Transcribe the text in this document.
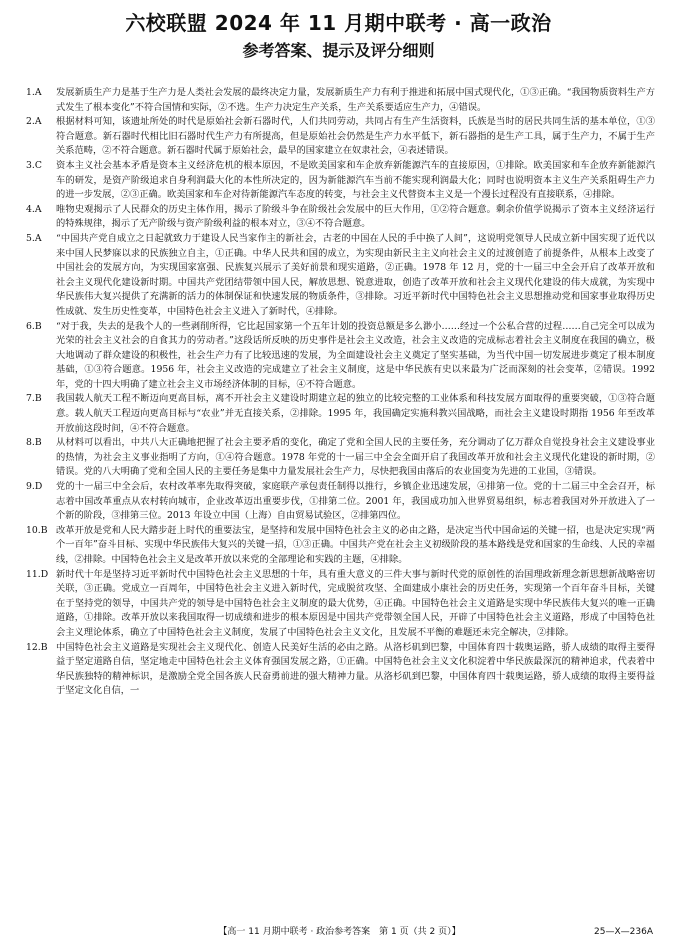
六校联盟 2024 年 11 月期中联考 · 高一政治
参考答案、提示及评分细则
1.A	发展新质生产力是基于生产力是人类社会发展的最终决定力量，发展新质生产力有利于推进和拓展中国式现代化，①③正确。“我国物质资料生产方式发生了根本变化”不符合国情和实际，②不选。生产力决定生产关系，生产关系要适应生产力，④错误。
2.A	根据材料可知，该遗址所处的时代是原始社会新石器时代，人们共同劳动，共同占有生产生活资料，氏族是当时的居民共同生活的基本单位，①③符合题意。新石器时代相比旧石器时代生产力有所提高，但是原始社会仍然是生产力水平低下，新石器指的是生产工具，属于生产力，不属于生产关系范畴，②不符合题意。新石器时代属于原始社会，最早的国家建立在奴隶社会，④表述错误。
3.C	资本主义社会基本矛盾是资本主义经济危机的根本原因，不是欧美国家和车企放弃新能源汽车的直接原因，①排除。欧美国家和车企放弃新能源汽车的研发，是资产阶级追求自身利润最大化的本性所决定的，因为新能源汽车当前不能实现利润最大化；同时也说明资本主义生产关系阻碍生产力的进一步发展，②③正确。欧美国家和车企对待新能源汽车态度的转变，与社会主义代替资本主义是一个漫长过程没有直接联系，④排除。
4.A	唯物史观揭示了人民群众的历史主体作用，揭示了阶级斗争在阶级社会发展中的巨大作用，①②符合题意。剩余价值学说揭示了资本主义经济运行的特殊规律，揭示了无产阶级与资产阶级利益的根本对立，③④不符合题意。
5.A	“中国共产党自成立之日起就致力于建设人民当家作主的新社会，古老的中国在人民的手中换了人间”，这说明党领导人民成立新中国实现了近代以来中国人民梦寐以求的民族独立自主，①正确。中华人民共和国的成立，为实现由新民主主义向社会主义的过渡创造了前提条件，从根本上改变了中国社会的发展方向，为实现国家富强、民族复兴展示了美好前景和现实道路，②正确。1978 年 12 月，党的十一届三中全会开启了改革开放和社会主义现代化建设新时期。中国共产党团结带领中国人民，解放思想、锐意进取，创造了改革开放和社会主义现代化建设的伟大成就，为实现中华民族伟大复兴提供了充满新的活力的体制保证和快速发展的物质条件，③排除。习近平新时代中国特色社会主义思想推动党和国家事业取得历史性成就、发生历史性变革，中国特色社会主义进入了新时代，④排除。
6.B	“对于我，失去的是我个人的一些剥削所得，它比起国家第一个五年计划的投资总额是多么渺小……经过一个公私合营的过程……自己完全可以成为光荣的社会主义社会的自食其力的劳动者。”这段话所反映的历史事件是社会主义改造，社会主义改造的完成标志着社会主义制度在我国的确立，极大地调动了群众建设的积极性，社会生产力有了比较迅速的发展，为全面建设社会主义奠定了坚实基础，为当代中国一切发展进步奠定了根本制度基础，①③符合题意。1956 年，社会主义改造的完成建立了社会主义制度，这是中华民族有史以来最为广泛而深刻的社会变革，②错误。1992 年，党的十四大明确了建立社会主义市场经济体制的目标，④不符合题意。
7.B	我国载人航天工程不断迈向更高目标，离不开社会主义建设时期建立起的独立的比较完整的工业体系和科技发展方面取得的重要突破，①③符合题意。载人航天工程迈向更高目标与“农业”并无直接关系，②排除。1995 年，我国确定实施科教兴国战略，而社会主义建设时期指 1956 年至改革开放前这段时间，④不符合题意。
8.B	从材料可以看出，中共八大正确地把握了社会主要矛盾的变化，确定了党和全国人民的主要任务，充分调动了亿万群众自觉投身社会主义建设事业的热情，为社会主义事业指明了方向，①④符合题意。1978 年党的十一届三中全会全面开启了我国改革开放和社会主义现代化建设的新时期，②错误。党的八大明确了党和全国人民的主要任务是集中力量发展社会生产力，尽快把我国由落后的农业国变为先进的工业国，③错误。
9.D	党的十一届三中全会后，农村改革率先取得突破，家庭联产承包责任制得以推行，乡镇企业迅速发展，④排第一位。党的十二届三中全会召开，标志着中国改革重点从农村转向城市，企业改革迈出重要步伐，①排第二位。2001 年，我国成功加入世界贸易组织，标志着我国对外开放进入了一个新的阶段，③排第三位。2013 年设立中国（上海）自由贸易试验区，②排第四位。
10.B 改革开放是党和人民大踏步赶上时代的重要法宝，是坚持和发展中国特色社会主义的必由之路，是决定当代中国命运的关键一招，也是决定实现“两个一百年”奋斗目标、实现中华民族伟大复兴的关键一招，①③正确。中国共产党在社会主义初级阶段的基本路线是党和国家的生命线、人民的幸福线，②排除。中国特色社会主义是改革开放以来党的全部理论和实践的主题，④排除。
11.D 新时代十年是坚持习近平新时代中国特色社会主义思想的十年，具有重大意义的三件大事与新时代党的原创性的治国理政新理念新思想新战略密切关联，③正确。党成立一百周年，中国特色社会主义进入新时代，完成脱贫攻坚、全面建成小康社会的历史任务，实现第一个百年奋斗目标，关键在于坚持党的领导，中国共产党的领导是中国特色社会主义制度的最大优势，④正确。中国特色社会主义道路是实现中华民族伟大复兴的唯一正确道路，①排除。改革开放以来我国取得一切成绩和进步的根本原因是中国共产党带领全国人民，开辟了中国特色社会主义道路，形成了中国特色社会主义理论体系，确立了中国特色社会主义制度，发展了中国特色社会主义文化，且发展不平衡的难题还未完全解决，②排除。
12.B 中国特色社会主义道路是实现社会主义现代化、创造人民美好生活的必由之路。从洛杉矶到巴黎，中国体育四十载奥运路，骄人成绩的取得主要得益于坚定道路自信，坚定地走中国特色社会主义体育强国发展之路，①正确。中国特色社会主义文化积淀着中华民族最深沉的精神追求，代表着中华民族独特的精神标识，是激励全党全国各族人民奋勇前进的强大精神力量。从洛杉矶到巴黎，中国体育四十载奥运路，骄人成绩的取得主要得益于坚定文化自信，一
【高一 11 月期中联考 · 政治参考答案　第 1 页（共 2 页）】	25—X—236A
